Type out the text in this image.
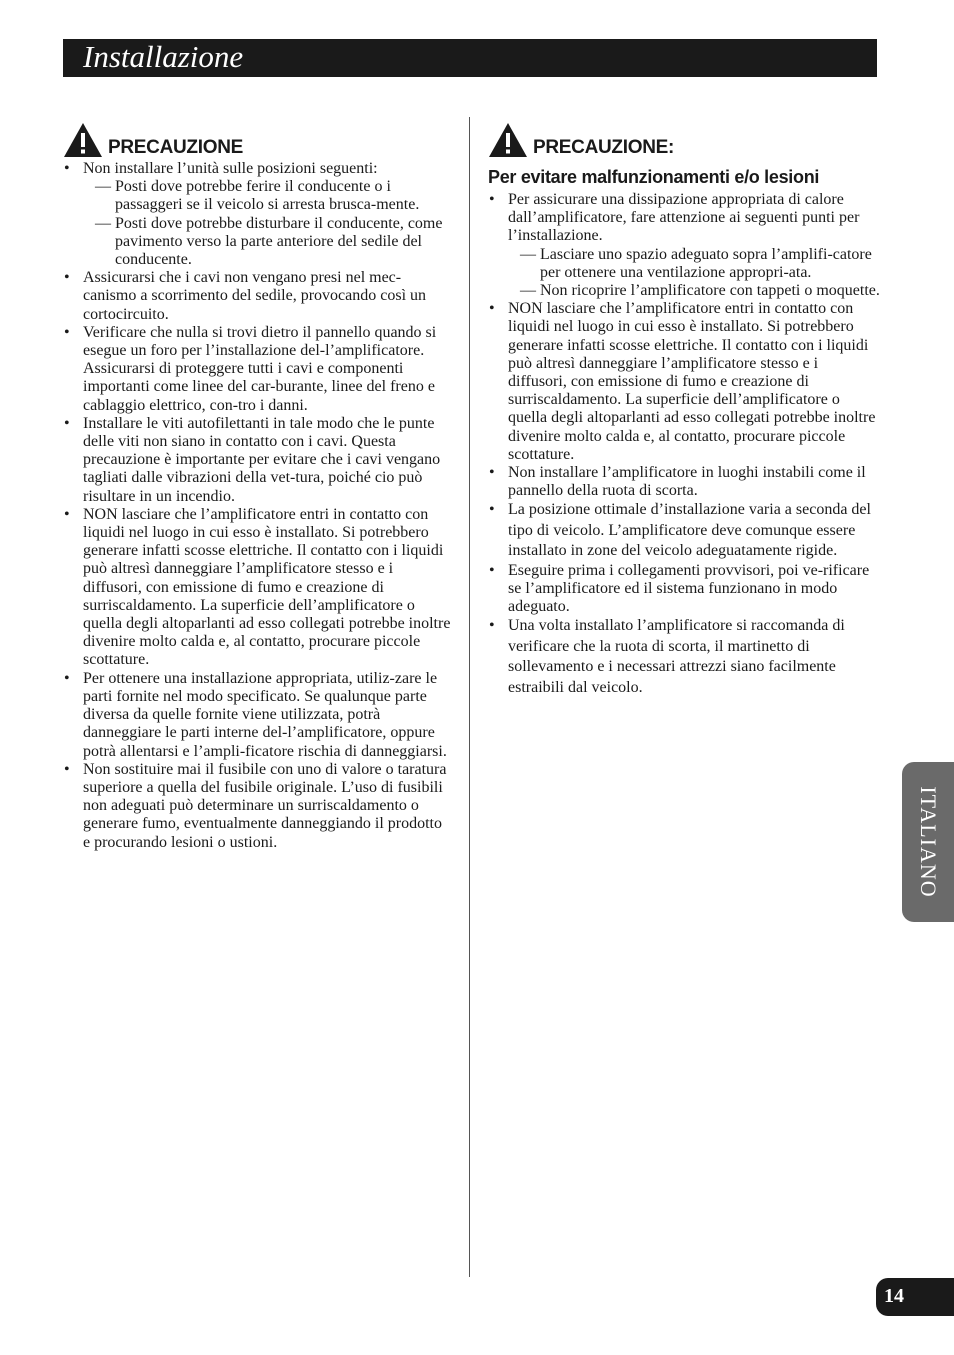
Installazione
PRECAUZIONE
• Non installare l’unità sulle posizioni seguenti:
— Posti dove potrebbe ferire il conducente o i passaggeri se il veicolo si arresta brusca-mente.
— Posti dove potrebbe disturbare il conducente, come pavimento verso la parte anteriore del sedile del conducente.
• Assicurarsi che i cavi non vengano presi nel mec-canismo a scorrimento del sedile, provocando così un cortocircuito.
• Verificare che nulla si trovi dietro il pannello quando si esegue un foro per l’installazione del-l’amplificatore. Assicurarsi di proteggere tutti i cavi e componenti importanti come linee del car-burante, linee del freno e cablaggio elettrico, con-tro i danni.
• Installare le viti autofilettanti in tale modo che le punte delle viti non siano in contatto con i cavi. Questa precauzione è importante per evitare che i cavi vengano tagliati dalle vibrazioni della vet-tura, poiché cio può risultare in un incendio.
• NON lasciare che l’amplificatore entri in contatto con liquidi nel luogo in cui esso è installato. Si potrebbero generare infatti scosse elettriche. Il contatto con i liquidi può altresì danneggiare l’amplificatore stesso e i diffusori, con emissione di fumo e creazione di surriscaldamento. La superficie dell’amplificatore o quella degli altoparlanti ad esso collegati potrebbe inoltre divenire molto calda e, al contatto, procurare piccole scottature.
• Per ottenere una installazione appropriata, utiliz-zare le parti fornite nel modo specificato. Se qualunque parte diversa da quelle fornite viene utilizzata, potrà danneggiare le parti interne del-l’amplificatore, oppure potrà allentarsi e l’ampli-ficatore rischia di danneggiarsi.
• Non sostituire mai il fusibile con uno di valore o taratura superiore a quella del fusibile originale. L’uso di fusibili non adeguati può determinare un surriscaldamento o generare fumo, eventualmente danneggiando il prodotto e procurando lesioni o ustioni.
PRECAUZIONE:
Per evitare malfunzionamenti e/o lesioni
• Per assicurare una dissipazione appropriata di calore dall’amplificatore, fare attenzione ai seguenti punti per l’installazione.
— Lasciare uno spazio adeguato sopra l’amplifi-catore per ottenere una ventilazione appropri-ata.
— Non ricoprire l’amplificatore con tappeti o moquette.
• NON lasciare che l’amplificatore entri in contatto con liquidi nel luogo in cui esso è installato. Si potrebbero generare infatti scosse elettriche. Il contatto con i liquidi può altresì danneggiare l’amplificatore stesso e i diffusori, con emissione di fumo e creazione di surriscaldamento. La superficie dell’amplificatore o quella degli altoparlanti ad esso collegati potrebbe inoltre divenire molto calda e, al contatto, procurare piccole scottature.
• Non installare l’amplificatore in luoghi instabili come il pannello della ruota di scorta.
• La posizione ottimale d’installazione varia a seconda del tipo di veicolo. L’amplificatore deve comunque essere installato in zone del veicolo adeguatamente rigide.
• Eseguire prima i collegamenti provvisori, poi ve-rificare se l’amplificatore ed il sistema funzionano in modo adeguato.
• Una volta installato l’amplificatore si raccomanda di verificare che la ruota di scorta, il martinetto di sollevamento e i necessari attrezzi siano facilmente estraibili dal veicolo.
ITALIANO
14
